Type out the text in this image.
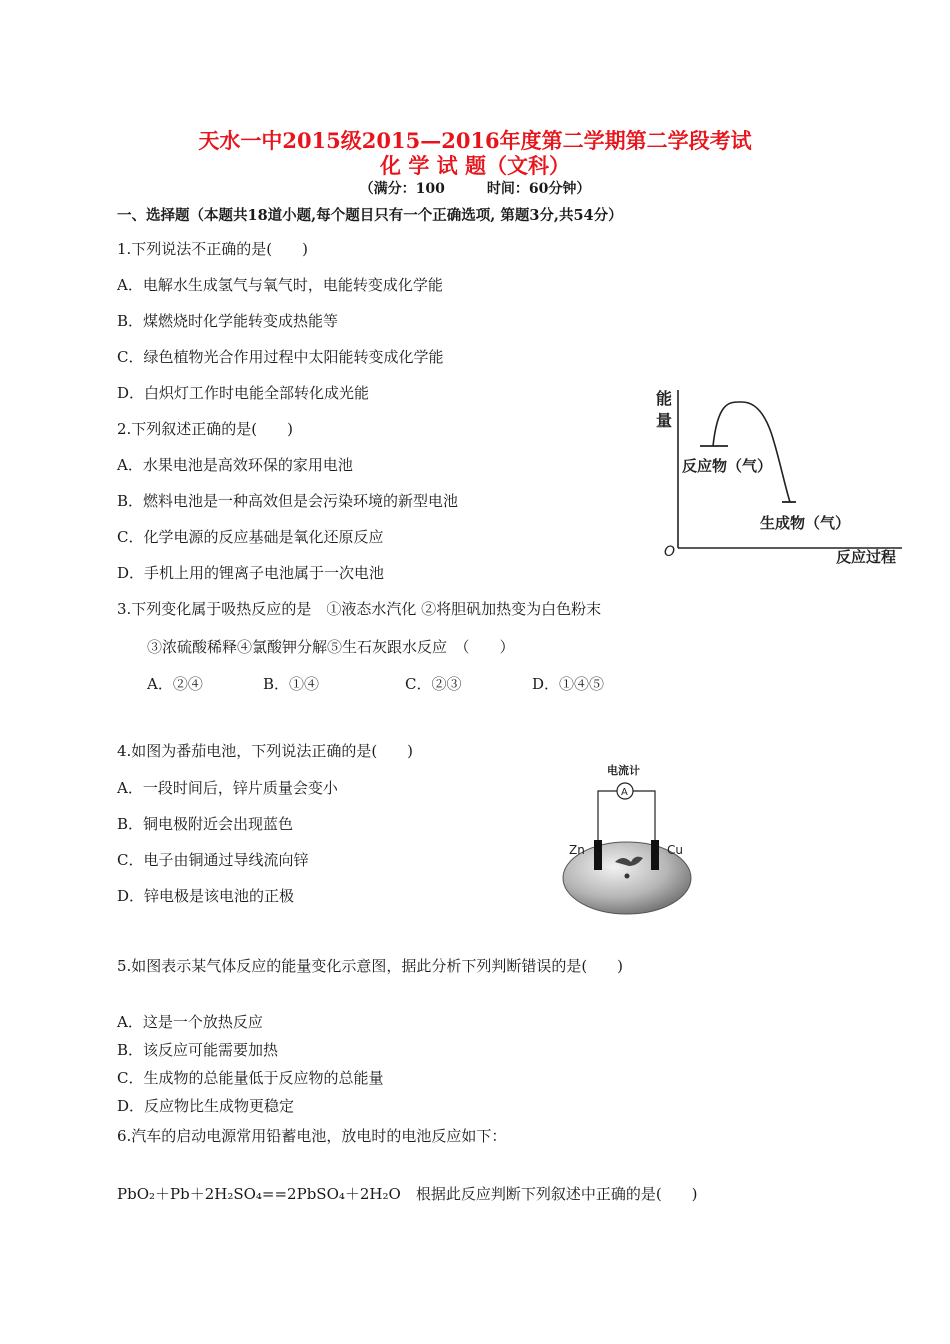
天水一中2015级2015—2016年度第二学期第二学段考试
化 学 试 题（文科）
（满分：100　　　时间：60分钟）
一、选择题（本题共18道小题,每个题目只有一个正确选项, 第题3分,共54分）
1.下列说法不正确的是(　　)
A．电解水生成氢气与氧气时，电能转变成化学能
B．煤燃烧时化学能转变成热能等
C．绿色植物光合作用过程中太阳能转变成化学能
D．白炽灯工作时电能全部转化成光能
2.下列叙述正确的是(　　)
A．水果电池是高效环保的家用电池
B．燃料电池是一种高效但是会污染环境的新型电池
C．化学电源的反应基础是氧化还原反应
D．手机上用的锂离子电池属于一次电池
3.下列变化属于吸热反应的是　①液态水汽化 ②将胆矾加热变为白色粉末
③浓硫酸稀释④氯酸钾分解⑤生石灰跟水反应　（　　）
A．②④	B．①④	C．②③	D．①④⑤
4.如图为番茄电池，下列说法正确的是(　　)
A．一段时间后，锌片质量会变小
B．铜电极附近会出现蓝色
C．电子由铜通过导线流向锌
D．锌电极是该电池的正极
5.如图表示某气体反应的能量变化示意图，据此分析下列判断错误的是(　　)
A．这是一个放热反应
B．该反应可能需要加热
C．生成物的总能量低于反应物的总能量
D．反应物比生成物更稳定
6.汽车的启动电源常用铅蓄电池，放电时的电池反应如下：
PbO₂＋Pb＋2H₂SO₄==2PbSO₄＋2H₂O　根据此反应判断下列叙述中正确的是(　　)
能
量
反应物（气）
生成物（气）
O	反应过程
电流计
A
Zn	Cu
